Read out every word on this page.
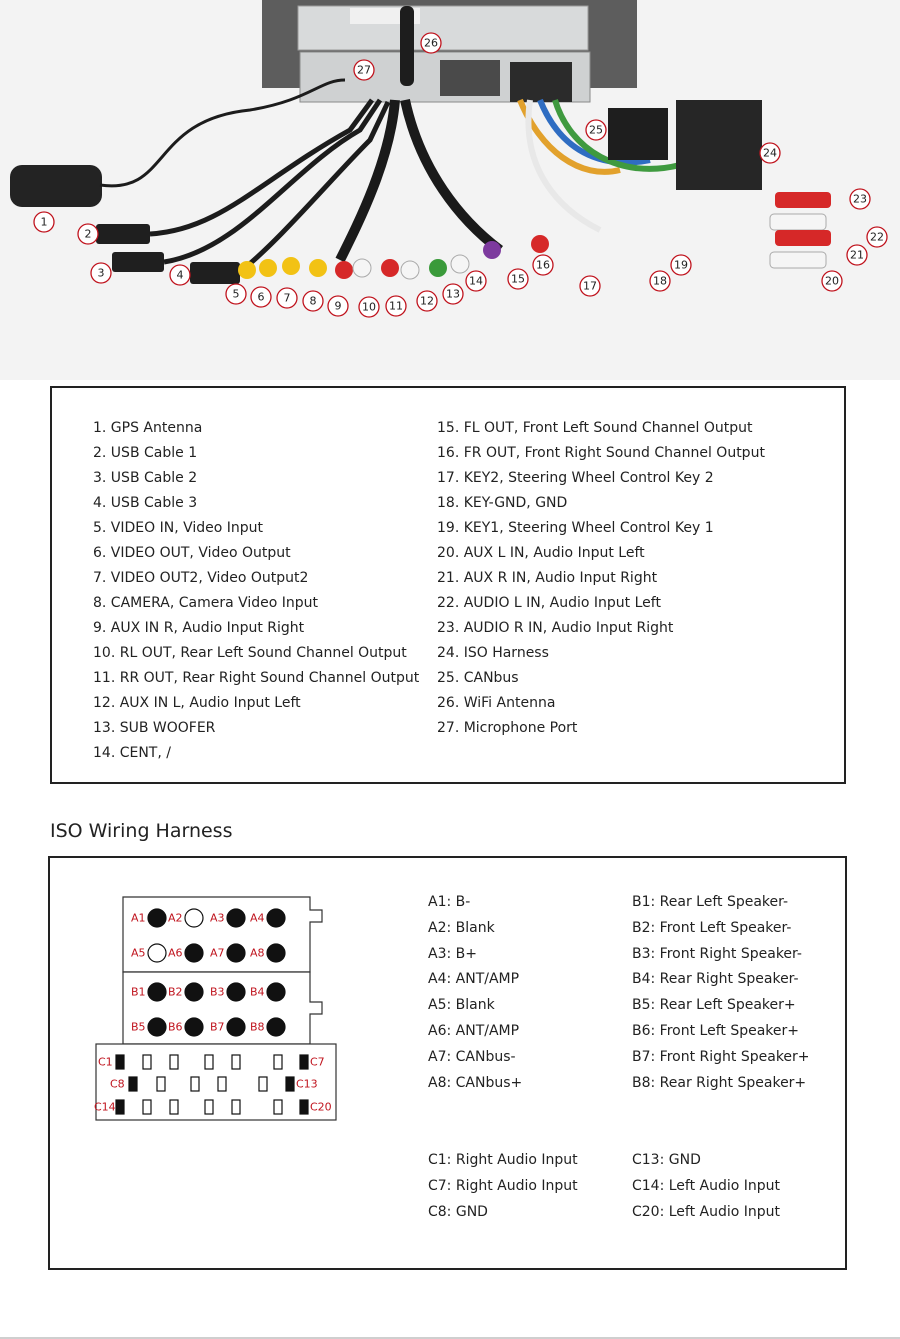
1
2
3	4
5 6 7 8 9 10 11 12
13
14	15
16
17	18
19
20
21
22
23
24
25
26
27
1. GPS Antenna
2. USB Cable 1
3. USB Cable 2
4. USB Cable 3
5. VIDEO IN, Video Input
6. VIDEO OUT, Video Output
7. VIDEO OUT2, Video Output2
8. CAMERA, Camera Video Input
9. AUX IN R, Audio Input Right
10. RL OUT, Rear Left Sound Channel Output
11. RR OUT, Rear Right Sound Channel Output
12. AUX IN L, Audio Input Left
13. SUB WOOFER
14. CENT, /
15. FL OUT, Front Left Sound Channel Output
16. FR OUT, Front Right Sound Channel Output
17. KEY2, Steering Wheel Control Key 2
18. KEY-GND, GND
19. KEY1, Steering Wheel Control Key 1
20. AUX L IN, Audio Input Left
21. AUX R IN, Audio Input Right
22. AUDIO L IN, Audio Input Left
23. AUDIO R IN, Audio Input Right
24. ISO Harness
25. CANbus
26. WiFi Antenna
27. Microphone Port
ISO Wiring Harness
A1 A2 A3 A4
A5 A6 A7 A8
B1 B2 B3 B4
B5 B6 B7 B8
C1	C7
C8	C13
C14	C20
A1: B-
A2: Blank
A3: B+
A4: ANT/AMP
A5: Blank
A6: ANT/AMP
A7: CANbus-
A8: CANbus+
B1: Rear Left Speaker-
B2: Front Left Speaker-
B3: Front Right Speaker-
B4: Rear Right Speaker-
B5: Rear Left Speaker+
B6: Front Left Speaker+
B7: Front Right Speaker+
B8: Rear Right Speaker+
C1: Right Audio Input
C7: Right Audio Input
C8: GND
C13: GND
C14: Left Audio Input
C20: Left Audio Input
